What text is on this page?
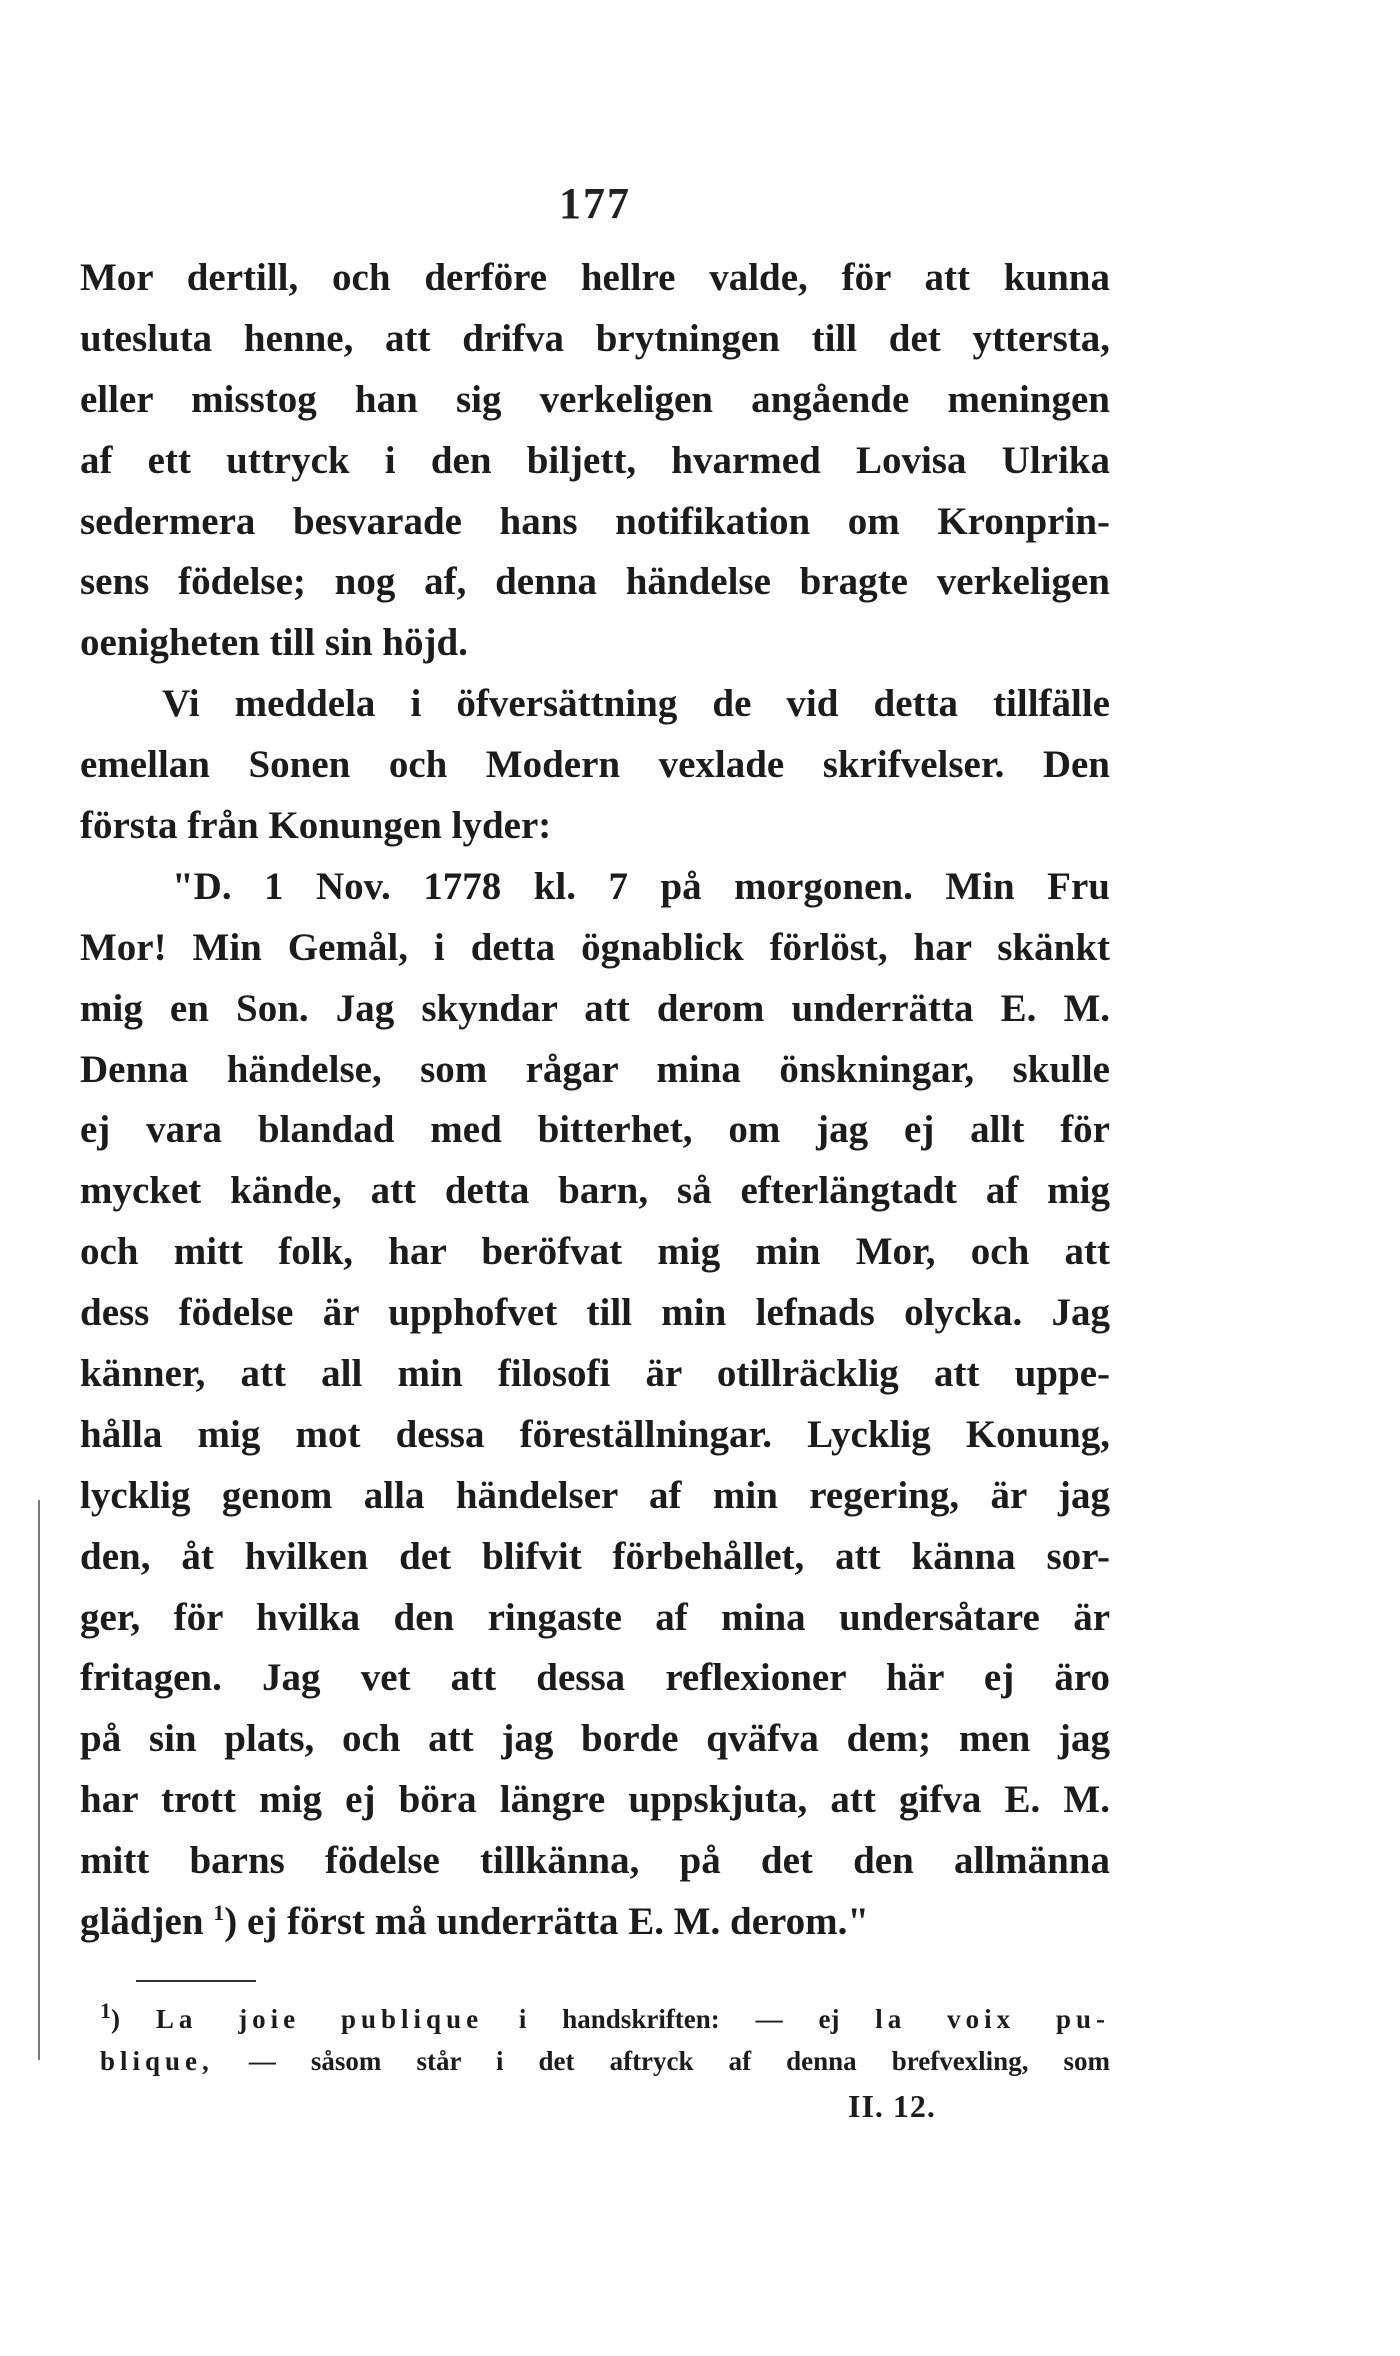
177
Mor dertill, och derföre hellre valde, för att kunna
utesluta henne, att drifva brytningen till det yttersta,
eller misstog han sig verkeligen angående meningen
af ett uttryck i den biljett, hvarmed Lovisa Ulrika
sedermera besvarade hans notifikation om Kronprin-
sens födelse; nog af, denna händelse bragte verkeligen
oenigheten till sin höjd.
Vi meddela i öfversättning de vid detta tillfälle
emellan Sonen och Modern vexlade skrifvelser. Den
första från Konungen lyder:
"D. 1 Nov. 1778 kl. 7 på morgonen. Min Fru
Mor! Min Gemål, i detta ögnablick förlöst, har skänkt
mig en Son. Jag skyndar att derom underrätta E. M.
Denna händelse, som rågar mina önskningar, skulle
ej vara blandad med bitterhet, om jag ej allt för
mycket kände, att detta barn, så efterlängtadt af mig
och mitt folk, har beröfvat mig min Mor, och att
dess födelse är upphofvet till min lefnads olycka. Jag
känner, att all min filosofi är otillräcklig att uppe-
hålla mig mot dessa föreställningar. Lycklig Konung,
lycklig genom alla händelser af min regering, är jag
den, åt hvilken det blifvit förbehållet, att känna sor-
ger, för hvilka den ringaste af mina undersåtare är
fritagen. Jag vet att dessa reflexioner här ej äro
på sin plats, och att jag borde qväfva dem; men jag
har trott mig ej böra längre uppskjuta, att gifva E. M.
mitt barns födelse tillkänna, på det den allmänna
glädjen $^1$) ej först må underrätta E. M. derom."
$^1$) La joie publique i handskriften: — ej la voix pu-
blique, — såsom står i det aftryck af denna brefvexling, som
II. 12.
